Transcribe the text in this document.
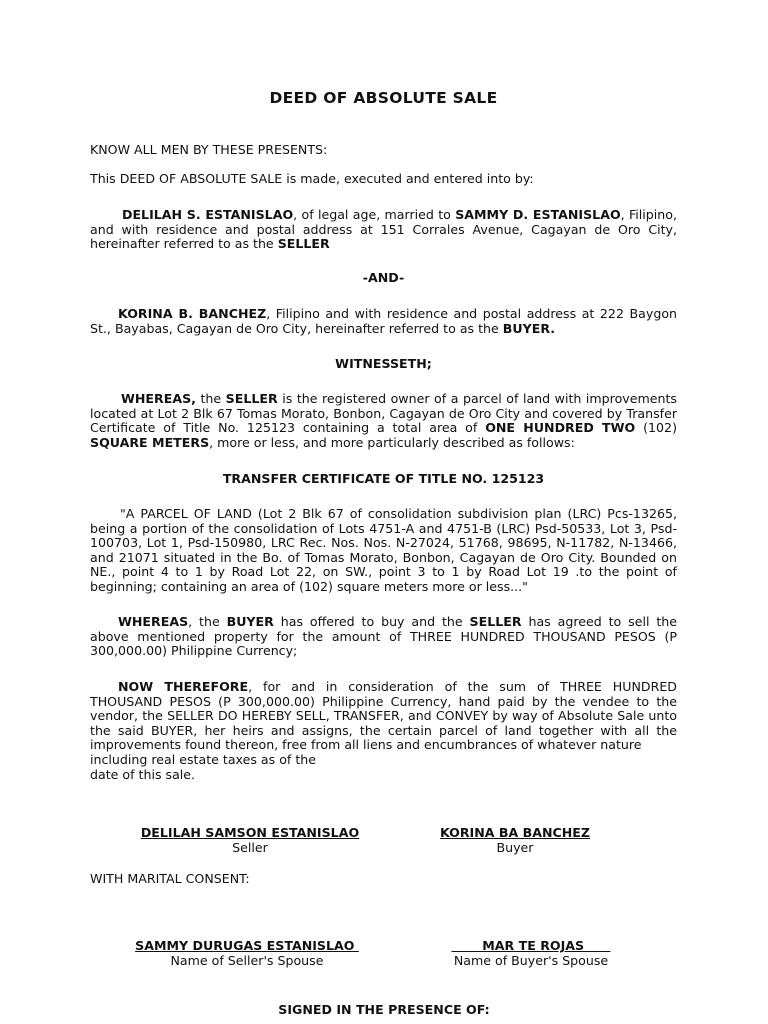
DEED OF ABSOLUTE SALE
KNOW ALL MEN BY THESE PRESENTS:
This DEED OF ABSOLUTE SALE is made, executed and entered into by:

DELILAH S. ESTANISLAO, of legal age, married to SAMMY D. ESTANISLAO, Filipino, and with residence and postal address at 151 Corrales Avenue, Cagayan de Oro City, hereinafter referred to as the SELLER

-AND-

KORINA B. BANCHEZ, Filipino and with residence and postal address at 222 Baygon St., Bayabas, Cagayan de Oro City, hereinafter referred to as the BUYER.

WITNESSETH;

WHEREAS, the SELLER is the registered owner of a parcel of land with improvements located at Lot 2 Blk 67 Tomas Morato, Bonbon, Cagayan de Oro City and covered by Transfer Certificate of Title No. 125123 containing a total area of ONE HUNDRED TWO (102) SQUARE METERS, more or less, and more particularly described as follows:

TRANSFER CERTIFICATE OF TITLE NO. 125123

"A PARCEL OF LAND (Lot 2 Blk 67 of consolidation subdivision plan (LRC) Pcs-13265, being a portion of the consolidation of Lots 4751-A and 4751-B (LRC) Psd-50533, Lot 3, Psd-100703, Lot 1, Psd-150980, LRC Rec. Nos. Nos. N-27024, 51768, 98695, N-11782, N-13466, and 21071 situated in the Bo. of Tomas Morato, Bonbon, Cagayan de Oro City. Bounded on NE., point 4 to 1 by Road Lot 22, on SW., point 3 to 1 by Road Lot 19 .to the point of beginning; containing an area of (102) square meters more or less..."

WHEREAS, the BUYER has offered to buy and the SELLER has agreed to sell the above mentioned property for the amount of THREE HUNDRED THOUSAND PESOS (P 300,000.00) Philippine Currency;

NOW THEREFORE, for and in consideration of the sum of THREE HUNDRED THOUSAND PESOS (P 300,000.00) Philippine Currency, hand paid by the vendee to the vendor, the SELLER DO HEREBY SELL, TRANSFER, and CONVEY by way of Absolute Sale unto the said BUYER, her heirs and assigns, the certain parcel of land together with all the improvements found thereon, free from all liens and encumbrances of whatever nature
including real estate taxes as of the
date of this sale.
DELILAH SAMSON ESTANISLAO
Seller
KORINA BA BANCHEZ
Buyer
WITH MARITAL CONSENT:
SAMMY DURUGAS ESTANISLAO
Name of Seller's Spouse
MAR TE ROJAS
Name of Buyer's Spouse
SIGNED IN THE PRESENCE OF:
